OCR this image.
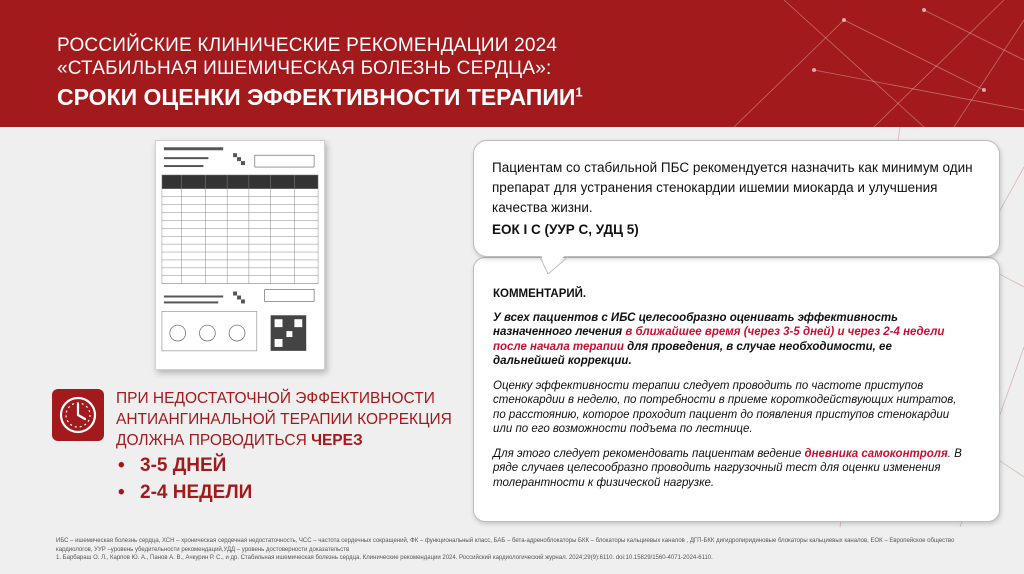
РОССИЙСКИЕ КЛИНИЧЕСКИЕ РЕКОМЕНДАЦИИ 2024
«СТАБИЛЬНАЯ ИШЕМИЧЕСКАЯ БОЛЕЗНЬ СЕРДЦА»:
СРОКИ ОЦЕНКИ ЭФФЕКТИВНОСТИ ТЕРАПИИ$^1$
ПРИ НЕДОСТАТОЧНОЙ ЭФФЕКТИВНОСТИ АНТИАНГИНАЛЬНОЙ ТЕРАПИИ КОРРЕКЦИЯ ДОЛЖНА ПРОВОДИТЬСЯ ЧЕРЕЗ
• 3-5 ДНЕЙ
• 2-4 НЕДЕЛИ
Пациентам со стабильной ПБС рекомендуется назначить как минимум один препарат для устранения стенокардии ишемии миокарда и улучшения качества жизни.
ЕОК I С (УУР С, УДЦ 5)
КОММЕНТАРИЙ.
У всех пациентов с ИБС целесообразно оценивать эффективность назначенного лечения в ближайшее время (через 3-5 дней) и через 2-4 недели после начала терапии для проведения, в случае необходимости, ее дальнейшей коррекции.
Оценку эффективности терапии следует проводить по частоте приступов стенокардии в неделю, по потребности в приеме короткодействующих нитратов, по расстоянию, которое проходит пациент до появления приступов стенокардии или по его возможности подъема по лестнице.
Для этого следует рекомендовать пациентам ведение дневника самоконтроля. В ряде случаев целесообразно проводить нагрузочный тест для оценки изменения толерантности к физической нагрузке.
ИБС – ишемическая болезнь сердца, ХСН – хроническая сердечная недостаточность, ЧСС – частота сердечных сокращений, ФК – функциональный класс, БАБ – бета-адреноблокаторы БКК – блокаторы кальциевых каналов , ДГП-БКК дигидропиридиновые блокаторы кальциевых каналов, ЕОК – Европейское общество кардиологов, УУР –уровень убедительности рекомендаций,УДД – уровень достоверности доказательств
1. Барбараш О. Л., Карпов Ю. А., Панов А. В., Ачкурин Р. С., и др. Стабильная ишемическая болезнь сердца. Клинические рекомендации 2024. Российский кардиологический журнал. 2024;29(9):6110. doi:10.15829/1560-4071-2024-6110.
